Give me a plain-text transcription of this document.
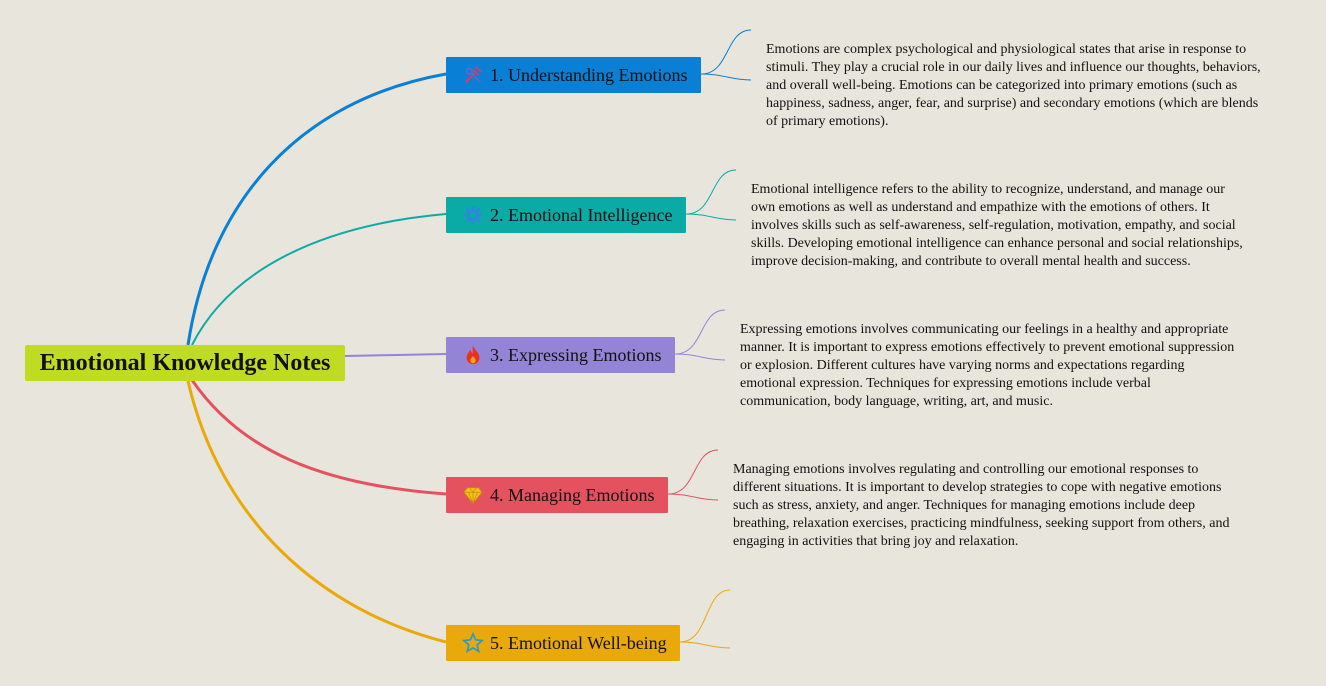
Emotional Knowledge Notes
1. Understanding Emotions
Emotions are complex psychological and physiological states that arise in response to stimuli. They play a crucial role in our daily lives and influence our thoughts, behaviors, and overall well-being. Emotions can be categorized into primary emotions (such as happiness, sadness, anger, fear, and surprise) and secondary emotions (which are blends of primary emotions).
2. Emotional Intelligence
Emotional intelligence refers to the ability to recognize, understand, and manage our own emotions as well as understand and empathize with the emotions of others. It involves skills such as self-awareness, self-regulation, motivation, empathy, and social skills. Developing emotional intelligence can enhance personal and social relationships, improve decision-making, and contribute to overall mental health and success.
3. Expressing Emotions
Expressing emotions involves communicating our feelings in a healthy and appropriate manner. It is important to express emotions effectively to prevent emotional suppression or explosion. Different cultures have varying norms and expectations regarding emotional expression. Techniques for expressing emotions include verbal communication, body language, writing, art, and music.
4. Managing Emotions
Managing emotions involves regulating and controlling our emotional responses to different situations. It is important to develop strategies to cope with negative emotions such as stress, anxiety, and anger. Techniques for managing emotions include deep breathing, relaxation exercises, practicing mindfulness, seeking support from others, and engaging in activities that bring joy and relaxation.
5. Emotional Well-being
